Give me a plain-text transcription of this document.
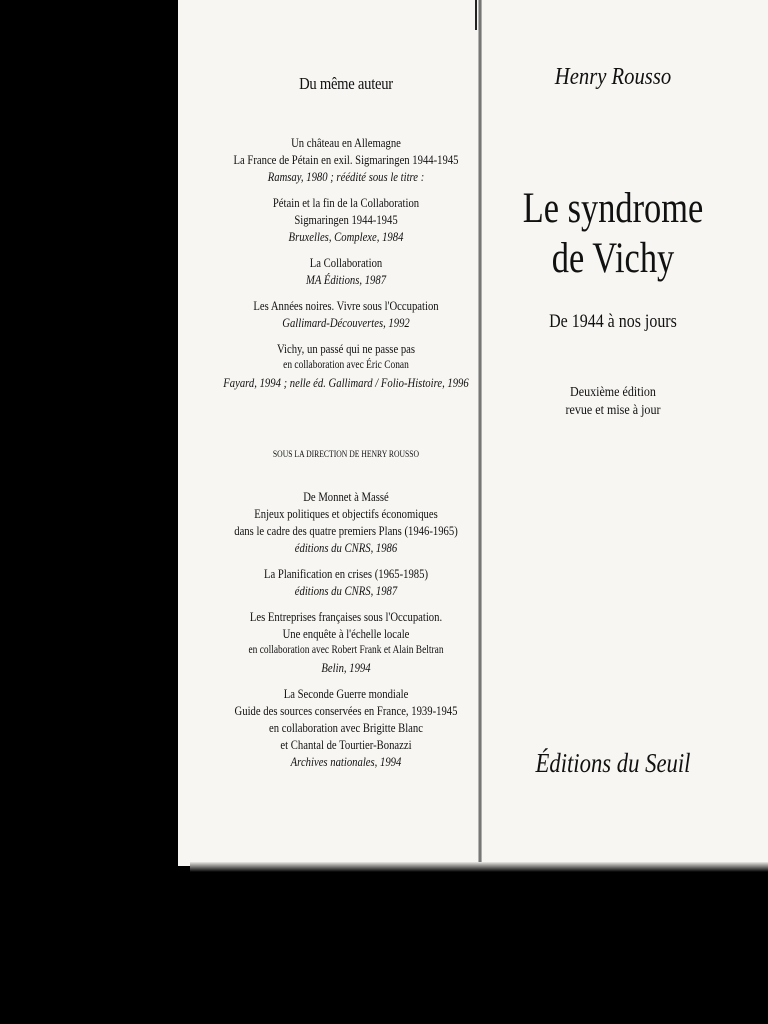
Du même auteur
Un château en Allemagne
La France de Pétain en exil. Sigmaringen 1944-1945
Ramsay, 1980 ; réédité sous le titre :
Pétain et la fin de la Collaboration
Sigmaringen 1944-1945
Bruxelles, Complexe, 1984
La Collaboration
MA Éditions, 1987
Les Années noires. Vivre sous l'Occupation
Gallimard-Découvertes, 1992
Vichy, un passé qui ne passe pas
en collaboration avec Éric Conan
Fayard, 1994 ; nelle éd. Gallimard / Folio-Histoire, 1996
SOUS LA DIRECTION DE HENRY ROUSSO
De Monnet à Massé
Enjeux politiques et objectifs économiques
dans le cadre des quatre premiers Plans (1946-1965)
éditions du CNRS, 1986
La Planification en crises (1965-1985)
éditions du CNRS, 1987
Les Entreprises françaises sous l'Occupation.
Une enquête à l'échelle locale
en collaboration avec Robert Frank et Alain Beltran
Belin, 1994
La Seconde Guerre mondiale
Guide des sources conservées en France, 1939-1945
en collaboration avec Brigitte Blanc
et Chantal de Tourtier-Bonazzi
Archives nationales, 1994
Henry Rousso
Le syndrome
de Vichy
De 1944 à nos jours
Deuxième édition
revue et mise à jour
Éditions du Seuil
